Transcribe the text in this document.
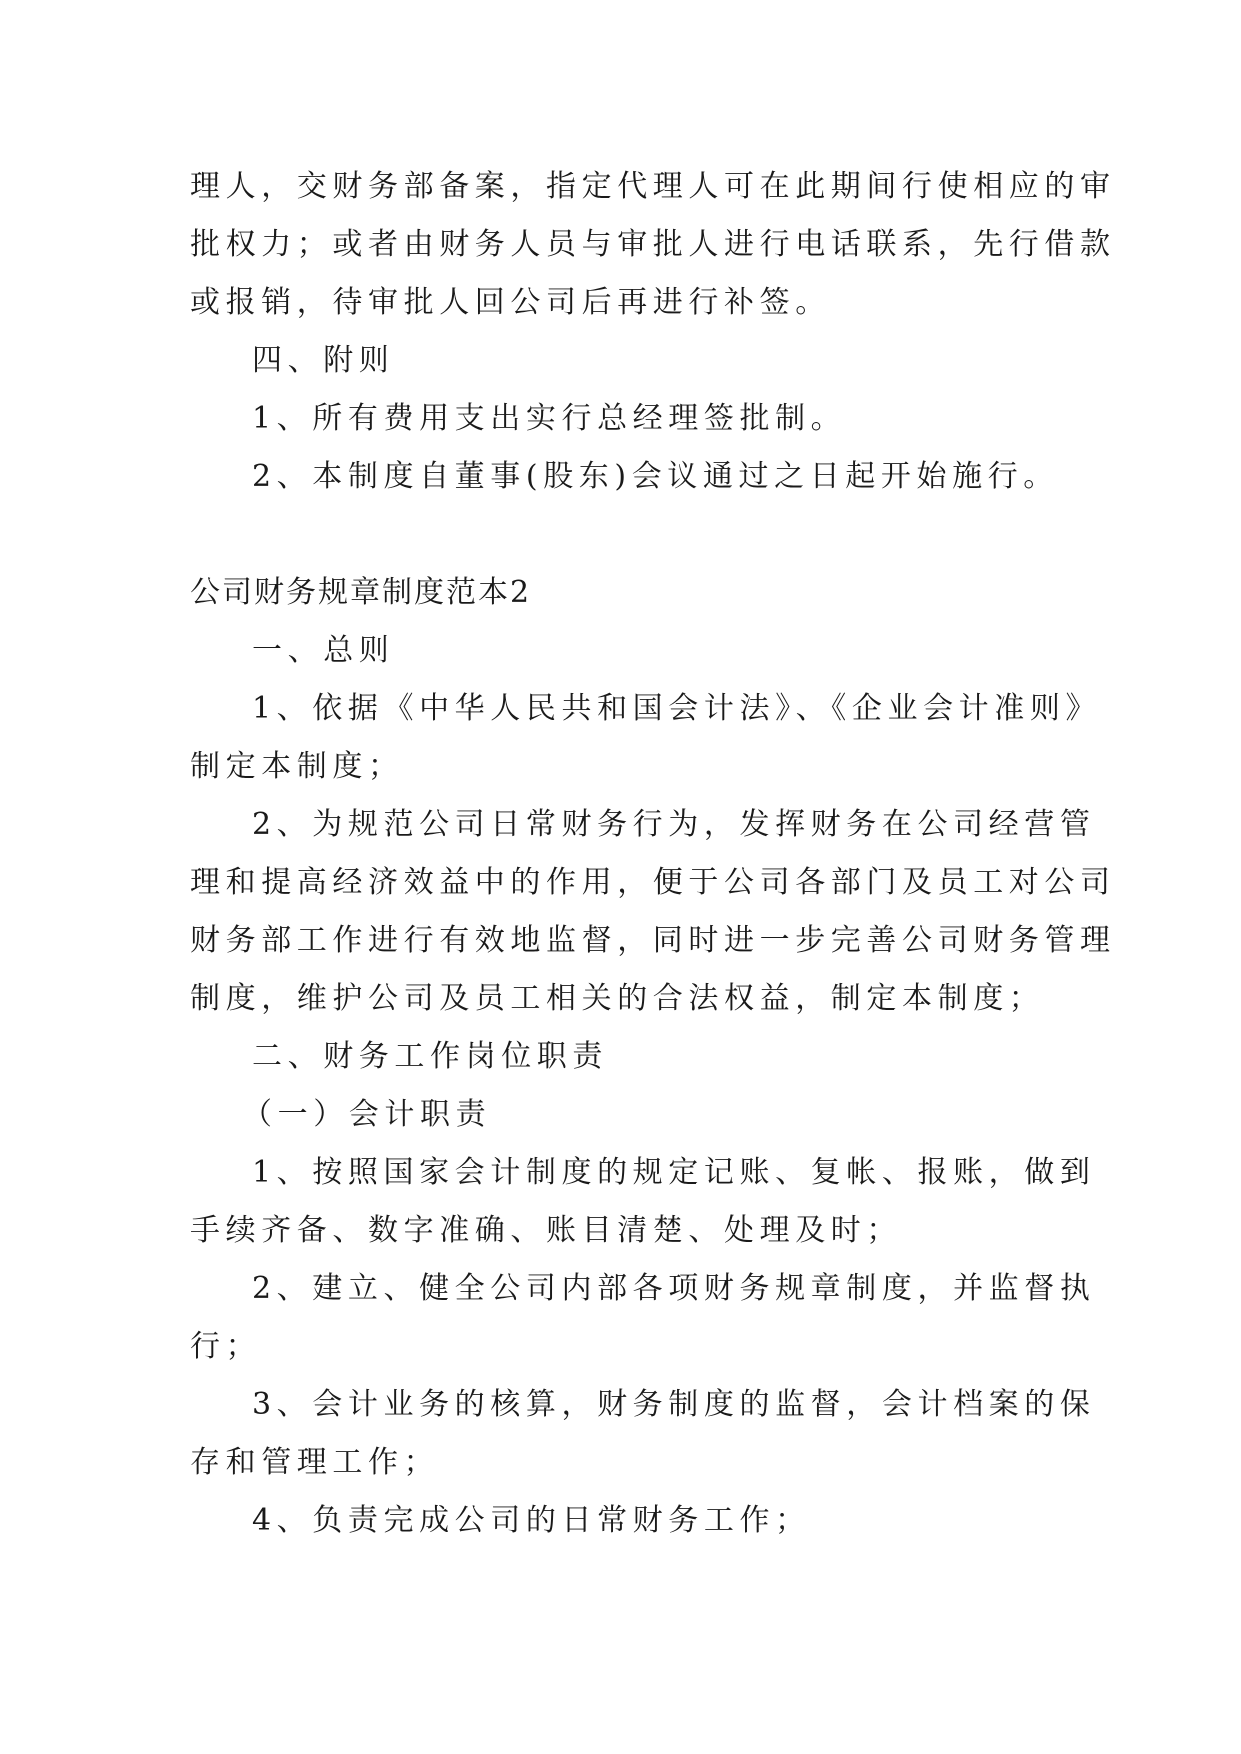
理人，交财务部备案，指定代理人可在此期间行使相应的审
批权力；或者由财务人员与审批人进行电话联系，先行借款
或报销，待审批人回公司后再进行补签。
四、附则
1、所有费用支出实行总经理签批制。
2、本制度自董事(股东)会议通过之日起开始施行。
公司财务规章制度范本2
一、总则
1、依据《中华人民共和国会计法》、《企业会计准则》
制定本制度；
2、为规范公司日常财务行为，发挥财务在公司经营管
理和提高经济效益中的作用，便于公司各部门及员工对公司
财务部工作进行有效地监督，同时进一步完善公司财务管理
制度，维护公司及员工相关的合法权益，制定本制度；
二、财务工作岗位职责
（一）会计职责
1、按照国家会计制度的规定记账、复帐、报账，做到
手续齐备、数字准确、账目清楚、处理及时；
2、建立、健全公司内部各项财务规章制度，并监督执
行；
3、会计业务的核算，财务制度的监督，会计档案的保
存和管理工作；
4、负责完成公司的日常财务工作；
